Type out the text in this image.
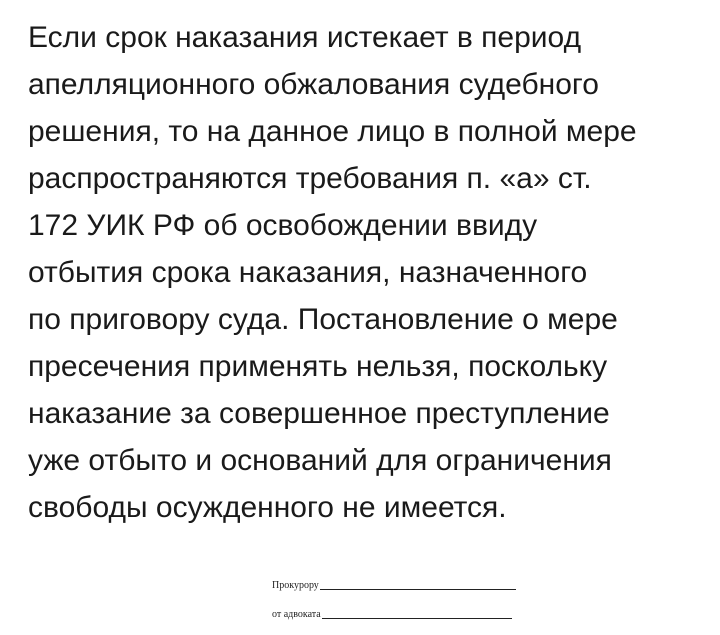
Если срок наказания истекает в период
апелляционного обжалования судебного
решения, то на данное лицо в полной мере
распространяются требования п. «а» ст.
172 УИК РФ об освобождении ввиду
отбытия срока наказания, назначенного
по приговору суда. Постановление о мере
пресечения применять нельзя, поскольку
наказание за совершенное преступление
уже отбыто и оснований для ограничения
свободы осужденного не имеется.
Прокурору
от адвоката
